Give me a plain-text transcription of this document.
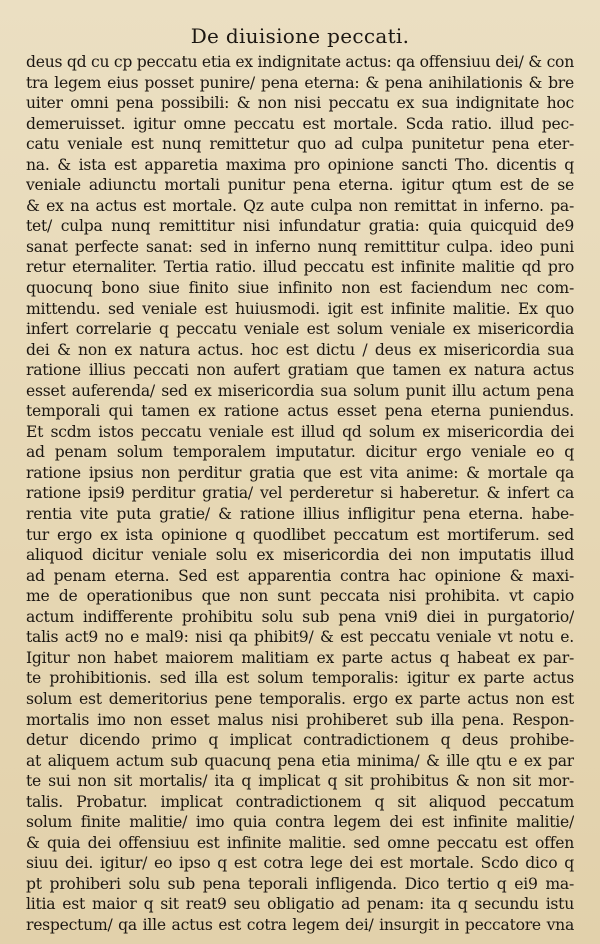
De diuisione peccati.
deus qd cu cp peccatu etia ex indignitate actus: qa offensiuu dei/ & con
tra legem eius posset punire/ pena eterna: & pena anihilationis & bre
uiter omni pena possibili: & non nisi peccatu ex sua indignitate hoc
demeruisset. igitur omne peccatu est mortale. Scda ratio. illud pec-
catu veniale est nunq remittetur quo ad culpa punitetur pena eter-
na. & ista est apparetia maxima pro opinione sancti Tho. dicentis q
veniale adiunctu mortali punitur pena eterna. igitur qtum est de se
& ex na actus est mortale. Qz aute culpa non remittat in inferno. pa-
tet/ culpa nunq remittitur nisi infundatur gratia: quia quicquid de9
sanat perfecte sanat: sed in inferno nunq remittitur culpa. ideo puni
retur eternaliter. Tertia ratio. illud peccatu est infinite malitie qd pro
quocunq bono siue finito siue infinito non est faciendum nec com-
mittendu. sed veniale est huiusmodi. igit est infinite malitie. Ex quo
infert correlarie q peccatu veniale est solum veniale ex misericordia
dei & non ex natura actus. hoc est dictu / deus ex misericordia sua
ratione illius peccati non aufert gratiam que tamen ex natura actus
esset auferenda/ sed ex misericordia sua solum punit illu actum pena
temporali qui tamen ex ratione actus esset pena eterna puniendus.
Et scdm istos peccatu veniale est illud qd solum ex misericordia dei
ad penam solum temporalem imputatur. dicitur ergo veniale eo q
ratione ipsius non perditur gratia que est vita anime: & mortale qa
ratione ipsi9 perditur gratia/ vel perderetur si haberetur. & infert ca
rentia vite puta gratie/ & ratione illius infligitur pena eterna. habe-
tur ergo ex ista opinione q quodlibet peccatum est mortiferum. sed
aliquod dicitur veniale solu ex misericordia dei non imputatis illud
ad penam eterna. Sed est apparentia contra hac opinione & maxi-
me de operationibus que non sunt peccata nisi prohibita. vt capio
actum indifferente prohibitu solu sub pena vni9 diei in purgatorio/
talis act9 no e mal9: nisi qa phibit9/ & est peccatu veniale vt notu e.
Igitur non habet maiorem malitiam ex parte actus q habeat ex par-
te prohibitionis. sed illa est solum temporalis: igitur ex parte actus
solum est demeritorius pene temporalis. ergo ex parte actus non est
mortalis imo non esset malus nisi prohiberet sub illa pena. Respon-
detur dicendo primo q implicat contradictionem q deus prohibe-
at aliquem actum sub quacunq pena etia minima/ & ille qtu e ex par
te sui non sit mortalis/ ita q implicat q sit prohibitus & non sit mor-
talis. Probatur. implicat contradictionem q sit aliquod peccatum
solum finite malitie/ imo quia contra legem dei est infinite malitie/
& quia dei offensiuu est infinite malitie. sed omne peccatu est offen
siuu dei. igitur/ eo ipso q est cotra lege dei est mortale. Scdo dico q
pt prohiberi solu sub pena teporali infligenda. Dico tertio q ei9 ma-
litia est maior q sit reat9 seu obligatio ad penam: ita q secundu istu
respectum/ qa ille actus est cotra legem dei/ insurgit in peccatore vna
